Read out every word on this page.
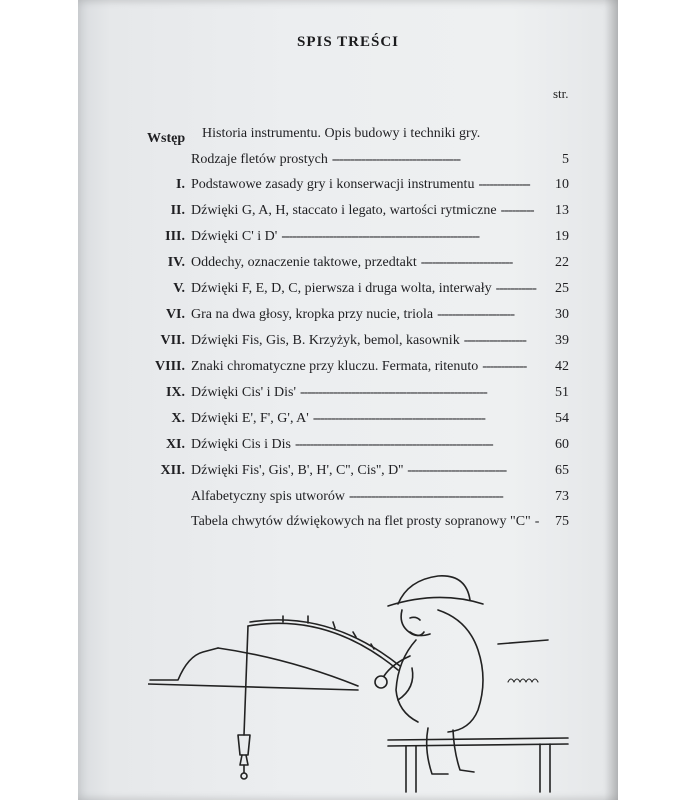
SPIS TREŚCI
str.
Wstęp Historia instrumentu. Opis budowy i techniki gry.
Rodzaje fletów prostych -----------------------------------	5
I. Podstawowe zasady gry i konserwacji instrumentu --------------	10
II. Dźwięki G, A, H, staccato i legato, wartości rytmiczne ---------	13
III. Dźwięki C' i D' ------------------------------------------------------	19
IV. Oddechy, oznaczenie taktowe, przedtakt -------------------------	22
V. Dźwięki F, E, D, C, pierwsza i druga wolta, interwały -----------	25
VI. Gra na dwa głosy, kropka przy nucie, triola ---------------------	30
VII. Dźwięki Fis, Gis, B. Krzyżyk, bemol, kasownik -----------------	39
VIII. Znaki chromatyczne przy kluczu. Fermata, ritenuto ------------	42
IX. Dźwięki Cis' i Dis' ---------------------------------------------------	51
X. Dźwięki E', F', G', A' -----------------------------------------------	54
XI. Dźwięki Cis i Dis ------------------------------------------------------	60
XII. Dźwięki Fis', Gis', B', H', C'', Cis'', D'' ---------------------------	65
Alfabetyczny spis utworów ------------------------------------------	73
Tabela chwytów dźwiękowych na flet prosty sopranowy "C" -	75
